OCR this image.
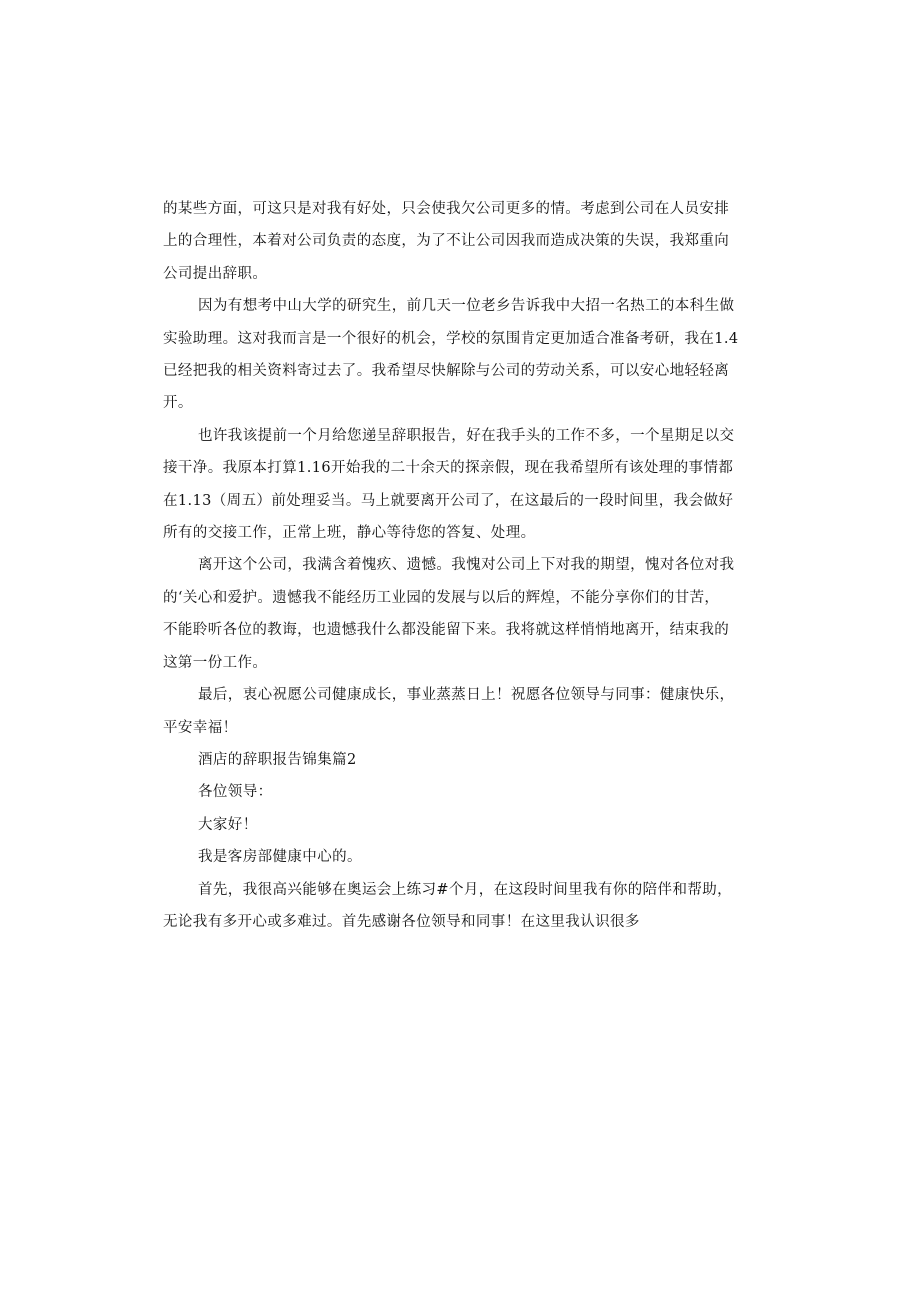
的某些方面，可这只是对我有好处，只会使我欠公司更多的情。考虑到公司在人员安排
上的合理性，本着对公司负责的态度，为了不让公司因我而造成决策的失误，我郑重向
公司提出辞职。

因为有想考中山大学的研究生，前几天一位老乡告诉我中大招一名热工的本科生做
实验助理。这对我而言是一个很好的机会，学校的氛围肯定更加适合准备考研，我在1.4
已经把我的相关资料寄过去了。我希望尽快解除与公司的劳动关系，可以安心地轻轻离
开。

也许我该提前一个月给您递呈辞职报告，好在我手头的工作不多，一个星期足以交
接干净。我原本打算1.16开始我的二十余天的探亲假，现在我希望所有该处理的事情都
在1.13（周五）前处理妥当。马上就要离开公司了，在这最后的一段时间里，我会做好
所有的交接工作，正常上班，静心等待您的答复、处理。

离开这个公司，我满含着愧疚、遗憾。我愧对公司上下对我的期望，愧对各位对我
的‘关心和爱护。遗憾我不能经历工业园的发展与以后的辉煌，不能分享你们的甘苦，
不能聆听各位的教诲，也遗憾我什么都没能留下来。我将就这样悄悄地离开，结束我的
这第一份工作。

最后，衷心祝愿公司健康成长，事业蒸蒸日上！祝愿各位领导与同事：健康快乐，
平安幸福！

酒店的辞职报告锦集篇2

各位领导：

大家好！

我是客房部健康中心的。

首先，我很高兴能够在奥运会上练习#个月，在这段时间里我有你的陪伴和帮助，
无论我有多开心或多难过。首先感谢各位领导和同事！在这里我认识很多
